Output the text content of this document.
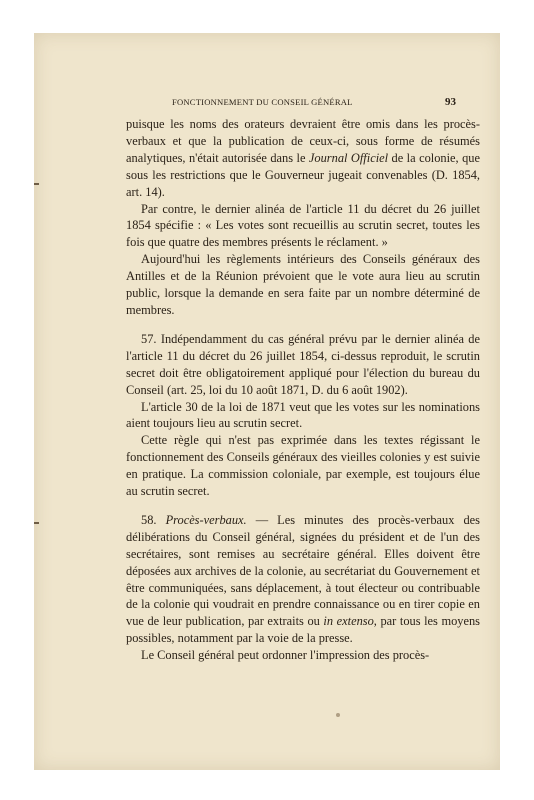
FONCTIONNEMENT DU CONSEIL GÉNÉRAL	93

puisque les noms des orateurs devraient être omis dans les procès-verbaux et que la publication de ceux-ci, sous forme de résumés analytiques, n'était autorisée dans le Journal Officiel de la colonie, que sous les restrictions que le Gouverneur jugeait convenables (D. 1854, art. 14).

Par contre, le dernier alinéa de l'article 11 du décret du 26 juillet 1854 spécifie : « Les votes sont recueillis au scrutin secret, toutes les fois que quatre des membres présents le réclament. »

Aujourd'hui les règlements intérieurs des Conseils généraux des Antilles et de la Réunion prévoient que le vote aura lieu au scrutin public, lorsque la demande en sera faite par un nombre déterminé de membres.

57. Indépendamment du cas général prévu par le dernier alinéa de l'article 11 du décret du 26 juillet 1854, ci-dessus reproduit, le scrutin secret doit être obligatoirement appliqué pour l'élection du bureau du Conseil (art. 25, loi du 10 août 1871, D. du 6 août 1902).

L'article 30 de la loi de 1871 veut que les votes sur les nominations aient toujours lieu au scrutin secret.

Cette règle qui n'est pas exprimée dans les textes régissant le fonctionnement des Conseils généraux des vieilles colonies y est suivie en pratique. La commission coloniale, par exemple, est toujours élue au scrutin secret.

58. Procès-verbaux. — Les minutes des procès-verbaux des délibérations du Conseil général, signées du président et de l'un des secrétaires, sont remises au secrétaire général. Elles doivent être déposées aux archives de la colonie, au secrétariat du Gouvernement et être communiquées, sans déplacement, à tout électeur ou contribuable de la colonie qui voudrait en prendre connaissance ou en tirer copie en vue de leur publication, par extraits ou in extenso, par tous les moyens possibles, notamment par la voie de la presse.

Le Conseil général peut ordonner l'impression des procès-
